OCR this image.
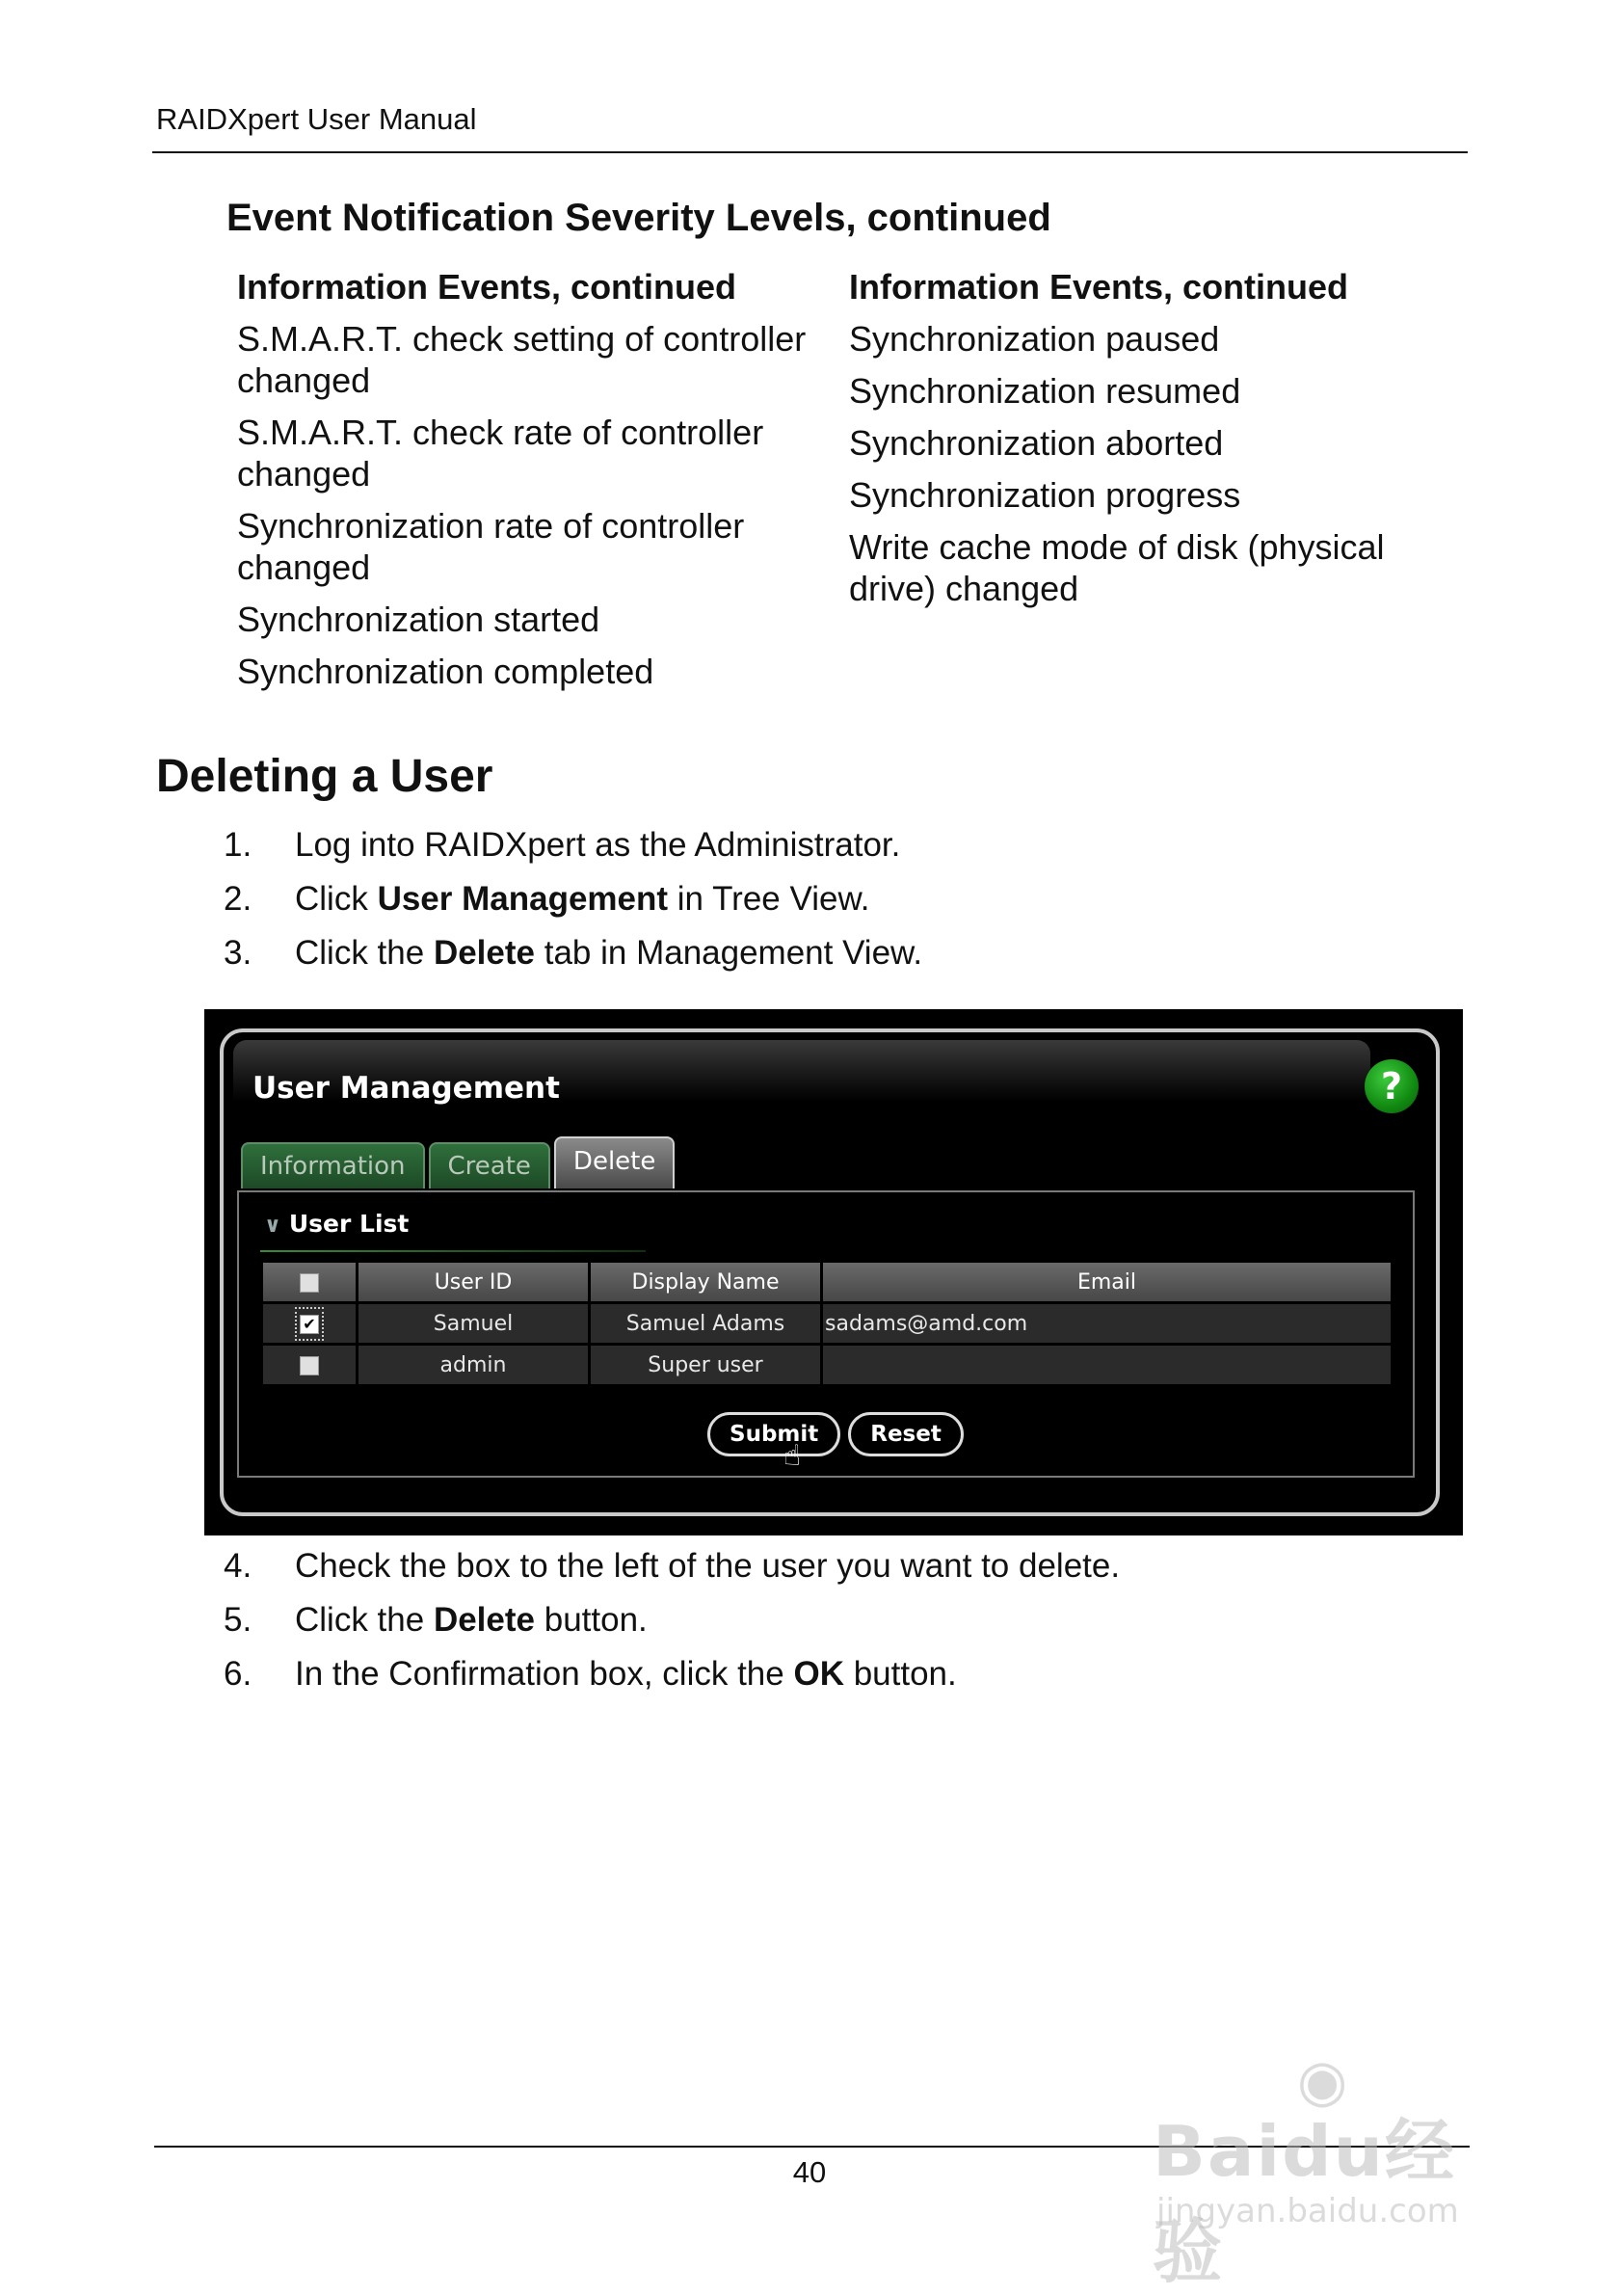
RAIDXpert User Manual
Event Notification Severity Levels, continued
Information Events, continued
S.M.A.R.T. check setting of controller changed
S.M.A.R.T. check rate of controller changed
Synchronization rate of controller changed
Synchronization started
Synchronization completed
Information Events, continued
Synchronization paused
Synchronization resumed
Synchronization aborted
Synchronization progress
Write cache mode of disk (physical drive) changed
Deleting a User
1.	Log into RAIDXpert as the Administrator.
2.	Click User Management in Tree View.
3.	Click the Delete tab in Management View.
User Management	?
Information	Create	Delete
∨ User List
	User ID	Display Name	Email
✔	Samuel	Samuel Adams	sadams@amd.com
	admin	Super user	
Submit	Reset
☝
4.	Check the box to the left of the user you want to delete.
5.	Click the Delete button.
6.	In the Confirmation box, click the OK button.
40
◉
Baidu经验
jingyan.baidu.com
